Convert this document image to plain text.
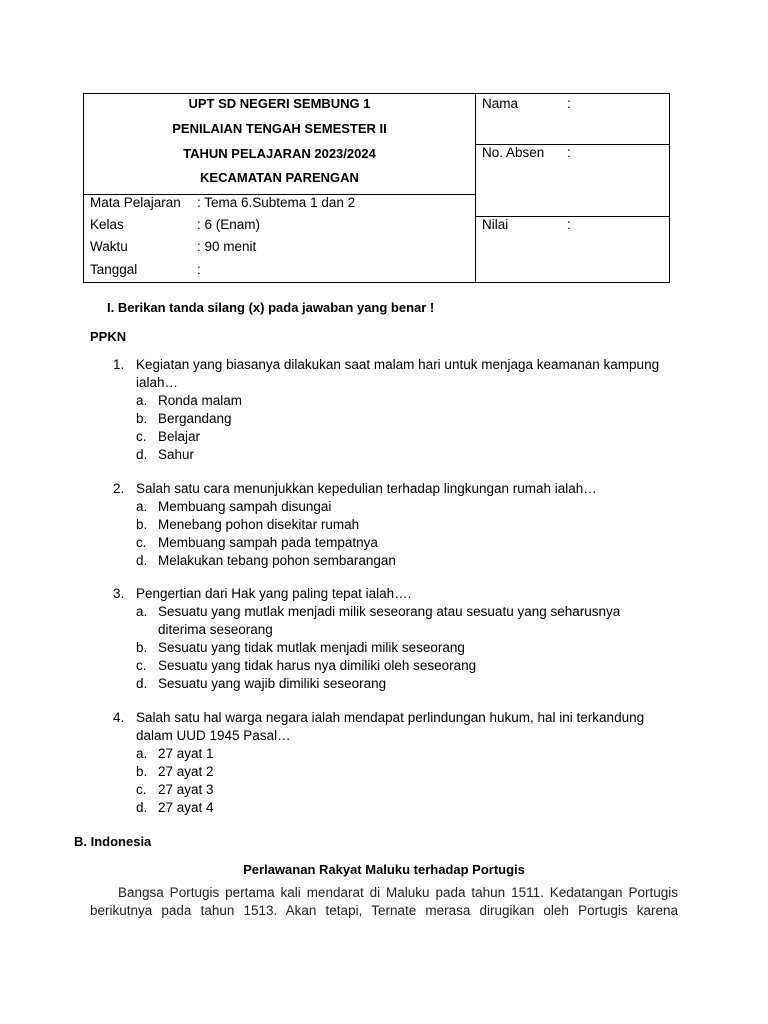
UPT SD NEGERI SEMBUNG 1
PENILAIAN TENGAH SEMESTER II
TAHUN PELAJARAN 2023/2024
KECAMATAN PARENGAN
Mata Pelajaran : Tema 6.Subtema 1 dan 2
Kelas	: 6 (Enam)
Waktu	: 90 menit
Tanggal	:
Nama	:
No. Absen :
Nilai	:
I. Berikan tanda silang (x) pada jawaban yang benar !
PPKN
1. Kegiatan yang biasanya dilakukan saat malam hari untuk menjaga keamanan kampung ialah…
a. Ronda malam
b. Bergandang
c. Belajar
d. Sahur
2. Salah satu cara menunjukkan kepedulian terhadap lingkungan rumah ialah…
a. Membuang sampah disungai
b. Menebang pohon disekitar rumah
c. Membuang sampah pada tempatnya
d. Melakukan tebang pohon sembarangan
3. Pengertian dari Hak yang paling tepat ialah….
a. Sesuatu yang mutlak menjadi milik seseorang atau sesuatu yang seharusnya diterima seseorang
b. Sesuatu yang tidak mutlak menjadi milik seseorang
c. Sesuatu yang tidak harus nya dimiliki oleh seseorang
d. Sesuatu yang wajib dimiliki seseorang
4. Salah satu hal warga negara ialah mendapat perlindungan hukum, hal ini terkandung dalam UUD 1945 Pasal…
a. 27 ayat 1
b. 27 ayat 2
c. 27 ayat 3
d. 27 ayat 4
B. Indonesia
Perlawanan Rakyat Maluku terhadap Portugis
Bangsa Portugis pertama kali mendarat di Maluku pada tahun 1511. Kedatangan Portugis
berikutnya pada tahun 1513. Akan tetapi, Ternate merasa dirugikan oleh Portugis karena
